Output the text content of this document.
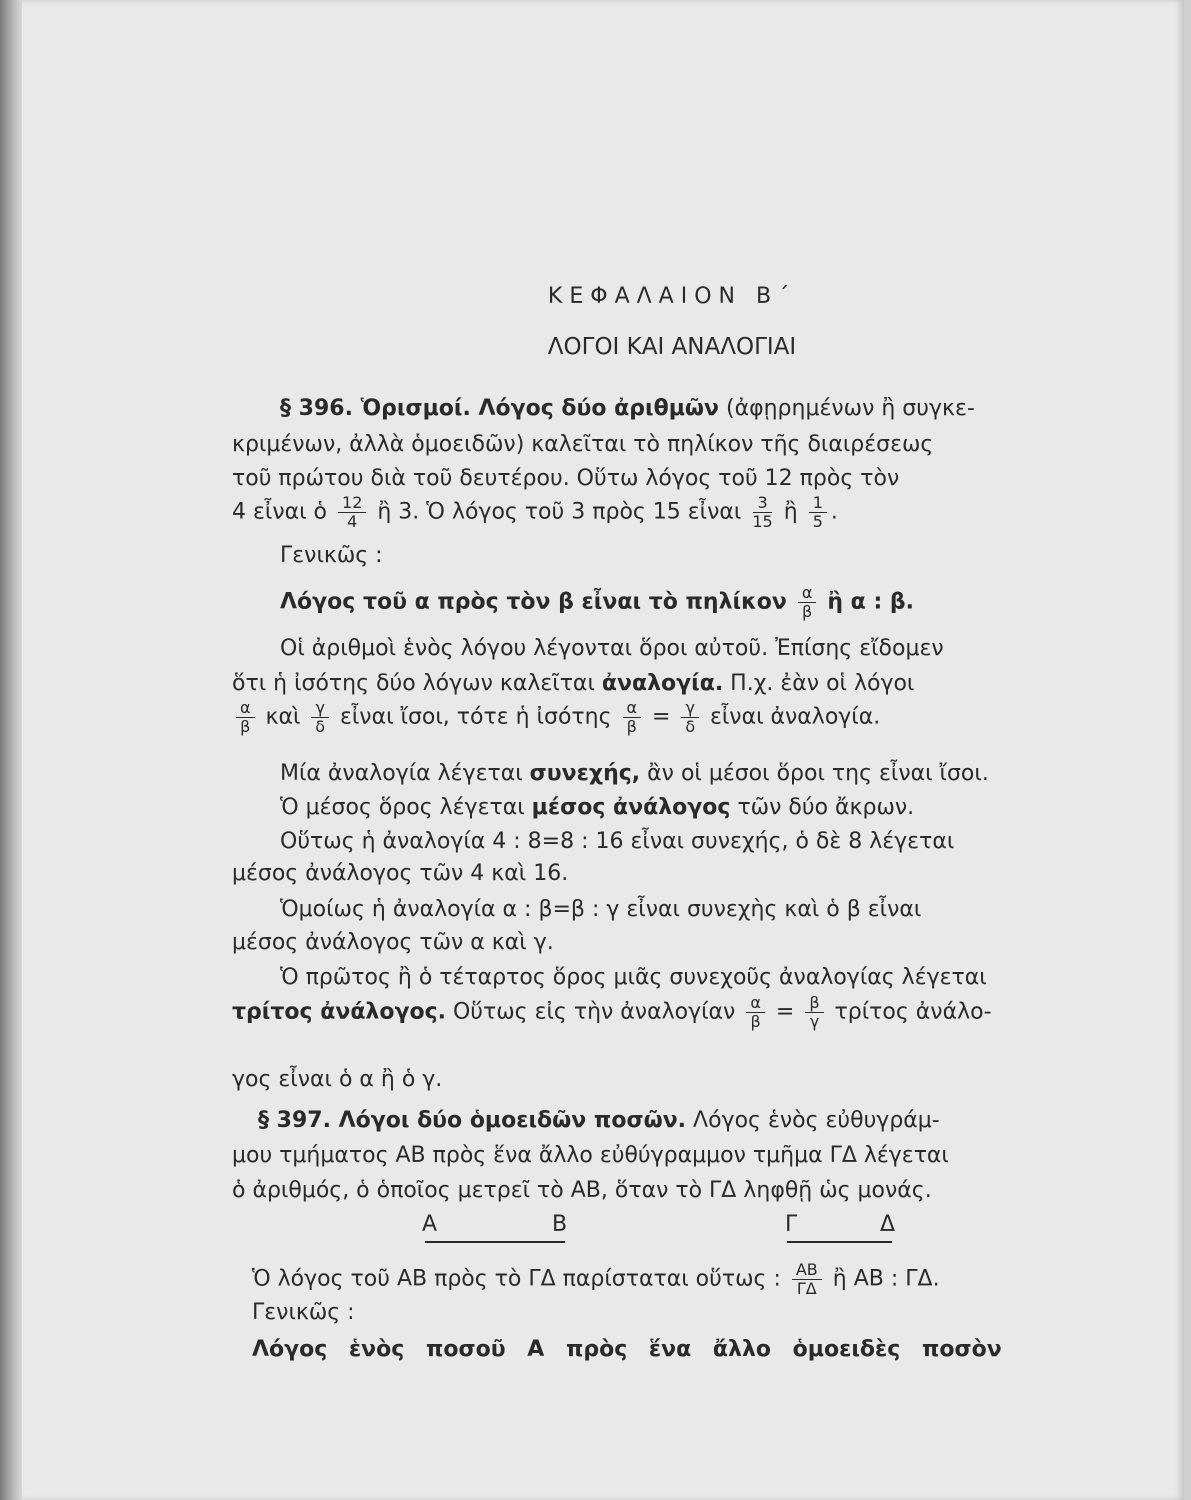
ΚΕΦΑΛΑΙΟΝ Β΄
ΛΟΓΟΙ ΚΑΙ ΑΝΑΛΟΓΙΑΙ
§ 396. Ὁρισμοί. Λόγος δύο ἀριθμῶν (ἀφῃρημένων ἢ συγκε-
κριμένων, ἀλλὰ ὁμοειδῶν) καλεῖται τὸ πηλίκον τῆς διαιρέσεως
τοῦ πρώτου διὰ τοῦ δευτέρου. Οὕτω λόγος τοῦ 12 πρὸς τὸν
4 εἶναι ὁ $\frac{12}{4}$ ἢ 3. Ὁ λόγος τοῦ 3 πρὸς 15 εἶναι $\frac{3}{15}$ ἢ $\frac{1}{5}$ .
Γενικῶς :
Λόγος τοῦ α πρὸς τὸν β εἶναι τὸ πηλίκον $\frac{\alpha}{\beta}$ ἢ α : β.
Οἱ ἀριθμοὶ ἑνὸς λόγου λέγονται ὅροι αὐτοῦ. Ἐπίσης εἴδομεν
ὅτι ἡ ἰσότης δύο λόγων καλεῖται ἀναλογία. Π.χ. ἐὰν οἱ λόγοι
$\frac{\alpha}{\beta}$ καὶ $\frac{\gamma}{\delta}$ εἶναι ἴσοι, τότε ἡ ἰσότης $\frac{\alpha}{\beta} = \frac{\gamma}{\delta}$ εἶναι ἀναλογία.
Μία ἀναλογία λέγεται συνεχής, ἂν οἱ μέσοι ὅροι της εἶναι ἴσοι.
Ὁ μέσος ὅρος λέγεται μέσος ἀνάλογος τῶν δύο ἄκρων.
Οὕτως ἡ ἀναλογία 4 : 8=8 : 16 εἶναι συνεχής, ὁ δὲ 8 λέγεται
μέσος ἀνάλογος τῶν 4 καὶ 16.
Ὁμοίως ἡ ἀναλογία α : β=β : γ εἶναι συνεχὴς καὶ ὁ β εἶναι
μέσος ἀνάλογος τῶν α καὶ γ.
Ὁ πρῶτος ἢ ὁ τέταρτος ὅρος μιᾶς συνεχοῦς ἀναλογίας λέγεται
τρίτος ἀνάλογος. Οὕτως εἰς τὴν ἀναλογίαν $\frac{\alpha}{\beta} = \frac{\beta}{\gamma}$ τρίτος ἀνάλο-
γος εἶναι ὁ α ἢ ὁ γ.
§ 397. Λόγοι δύο ὁμοειδῶν ποσῶν. Λόγος ἑνὸς εὐθυγράμ-
μου τμήματος ΑΒ πρὸς ἕνα ἄλλο εὐθύγραμμον τμῆμα ΓΔ λέγεται
ὁ ἀριθμός, ὁ ὁποῖος μετρεῖ τὸ ΑΒ, ὅταν τὸ ΓΔ ληφθῇ ὡς μονάς.
Α	Β	Γ	Δ
Ὁ λόγος τοῦ ΑΒ πρὸς τὸ ΓΔ παρίσταται οὕτως : $\frac{AB}{\Gamma\Delta}$ ἢ ΑΒ : ΓΔ.
Γενικῶς :
Λόγος ἑνὸς ποσοῦ Α πρὸς ἕνα ἄλλο ὁμοειδὲς ποσὸν
